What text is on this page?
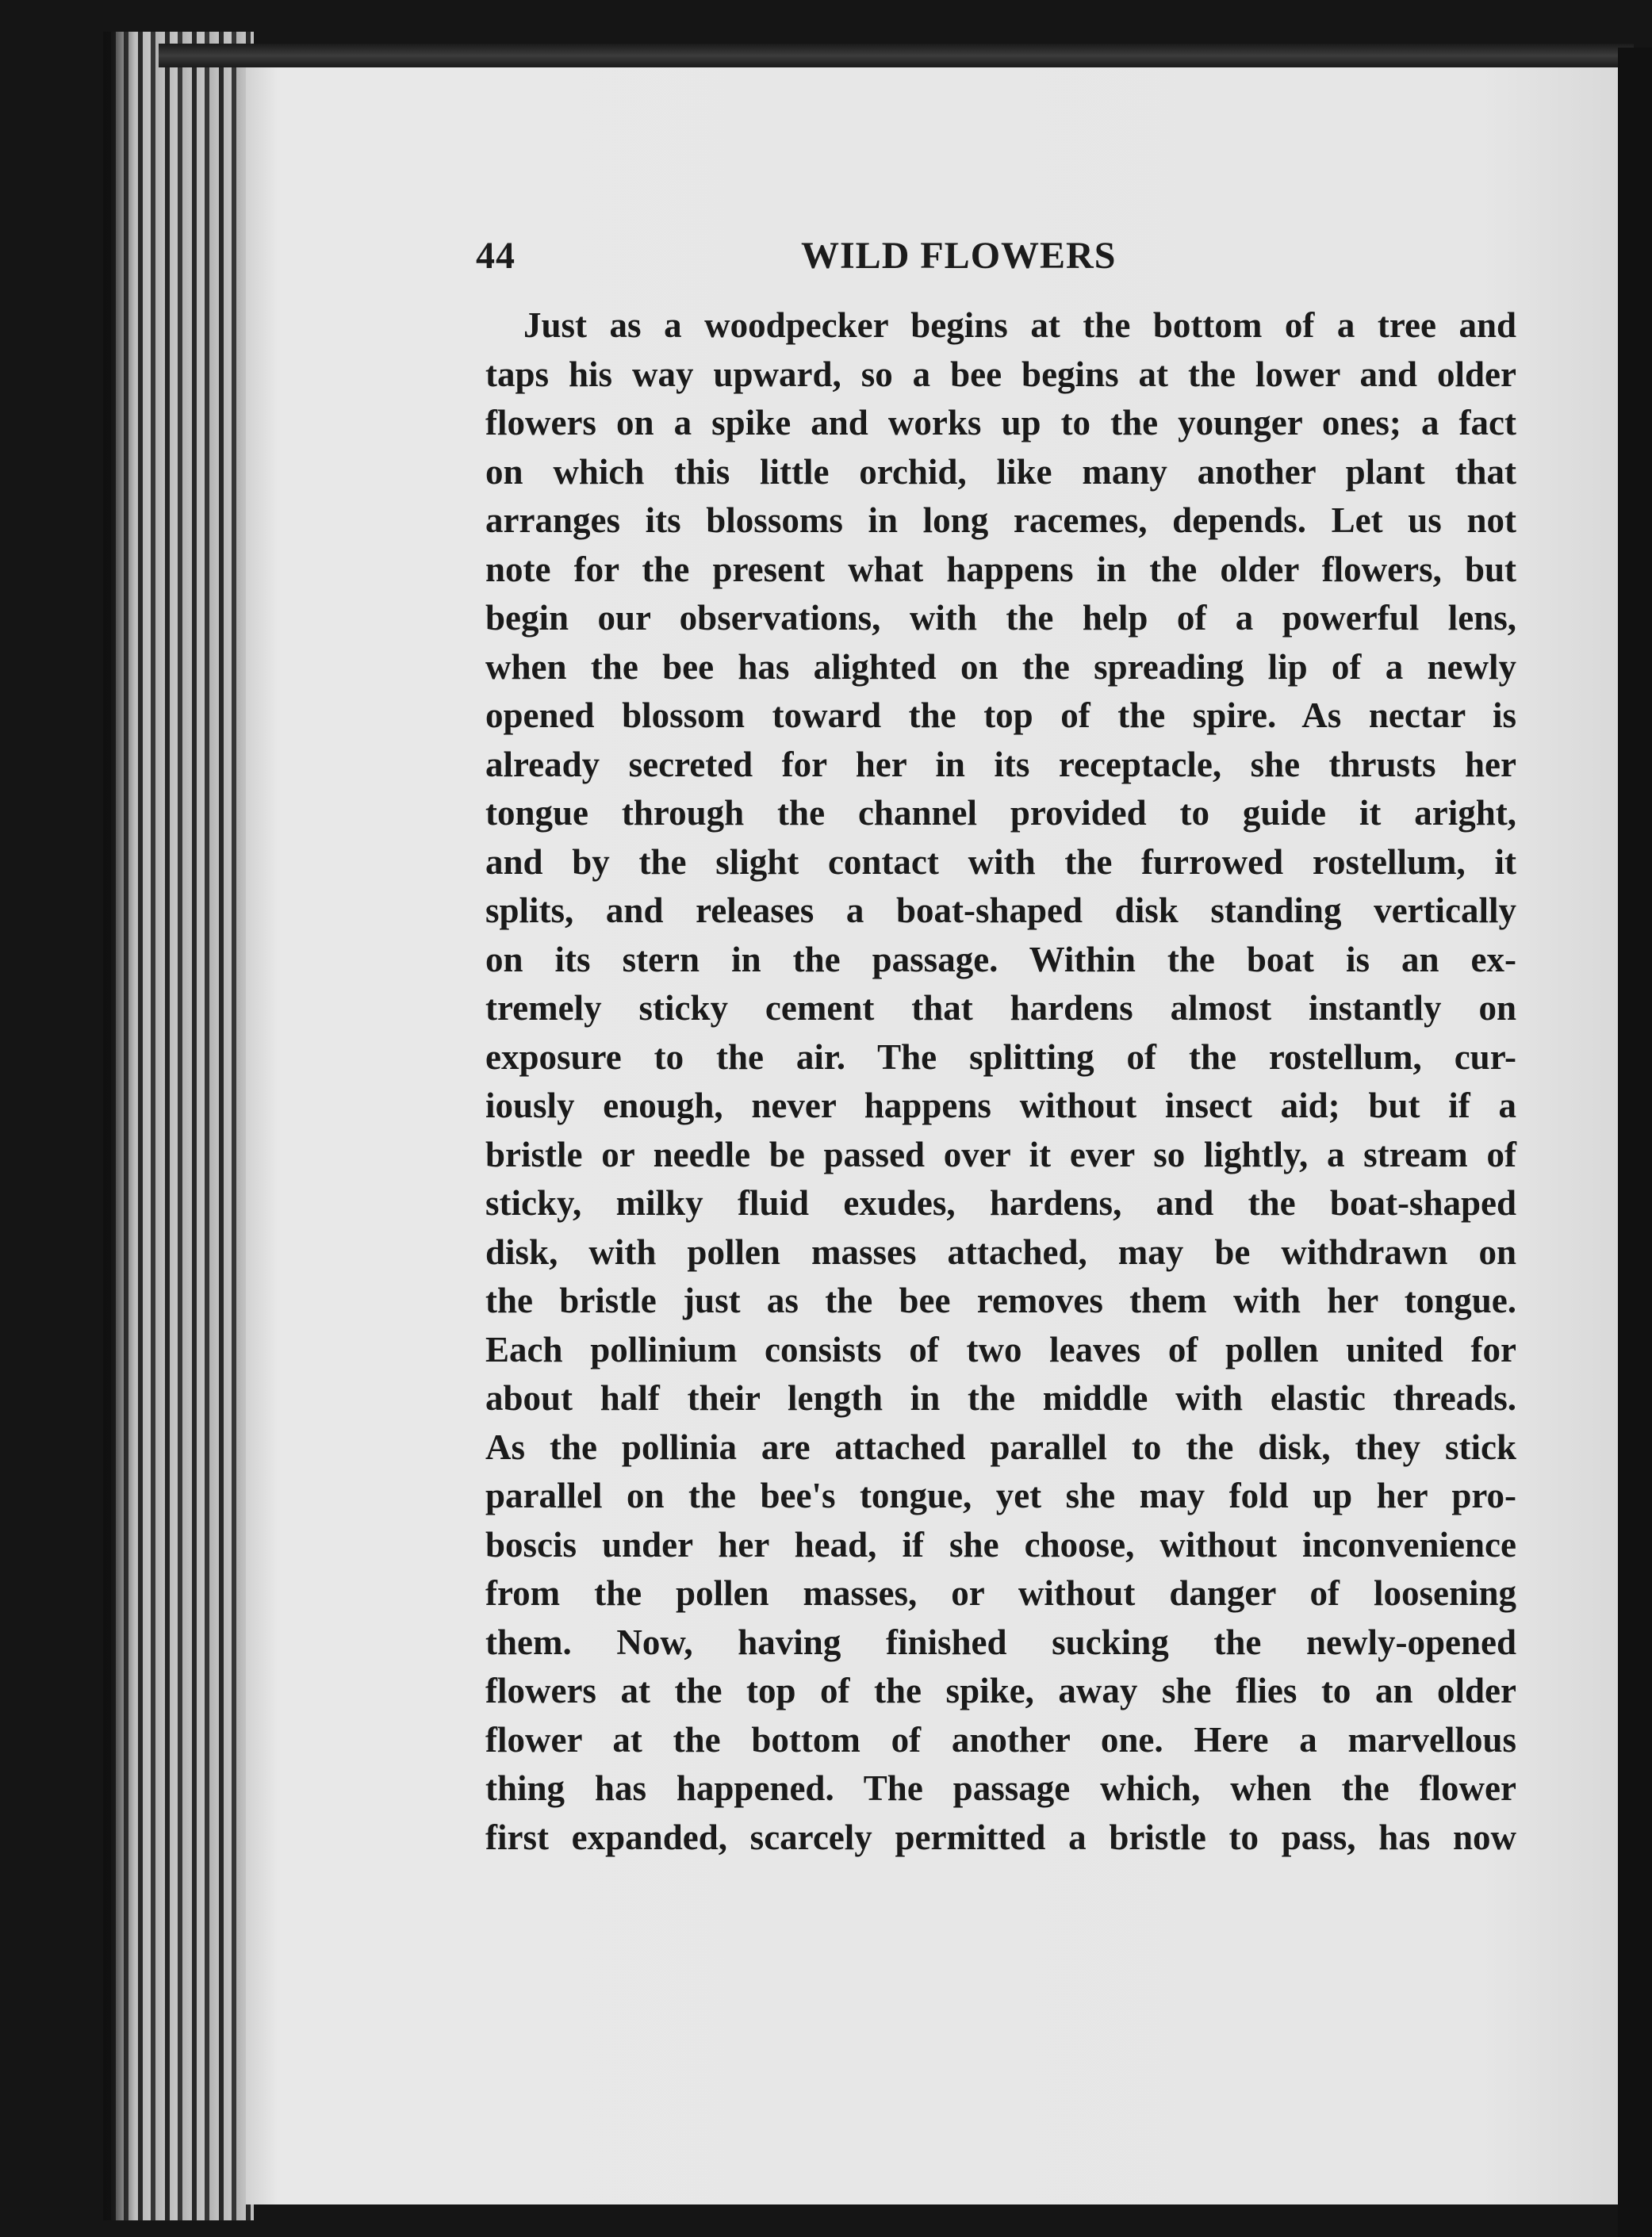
44	WILD FLOWERS
Just as a woodpecker begins at the bottom of a tree and
taps his way upward, so a bee begins at the lower and older
flowers on a spike and works up to the younger ones; a fact
on which this little orchid, like many another plant that
arranges its blossoms in long racemes, depends. Let us not
note for the present what happens in the older flowers, but
begin our observations, with the help of a powerful lens,
when the bee has alighted on the spreading lip of a newly
opened blossom toward the top of the spire. As nectar is
already secreted for her in its receptacle, she thrusts her
tongue through the channel provided to guide it aright,
and by the slight contact with the furrowed rostellum, it
splits, and releases a boat-shaped disk standing vertically
on its stern in the passage. Within the boat is an ex-
tremely sticky cement that hardens almost instantly on
exposure to the air. The splitting of the rostellum, cur-
iously enough, never happens without insect aid; but if a
bristle or needle be passed over it ever so lightly, a stream of
sticky, milky fluid exudes, hardens, and the boat-shaped
disk, with pollen masses attached, may be withdrawn on
the bristle just as the bee removes them with her tongue.
Each pollinium consists of two leaves of pollen united for
about half their length in the middle with elastic threads.
As the pollinia are attached parallel to the disk, they stick
parallel on the bee's tongue, yet she may fold up her pro-
boscis under her head, if she choose, without inconvenience
from the pollen masses, or without danger of loosening
them. Now, having finished sucking the newly-opened
flowers at the top of the spike, away she flies to an older
flower at the bottom of another one. Here a marvellous
thing has happened. The passage which, when the flower
first expanded, scarcely permitted a bristle to pass, has now
